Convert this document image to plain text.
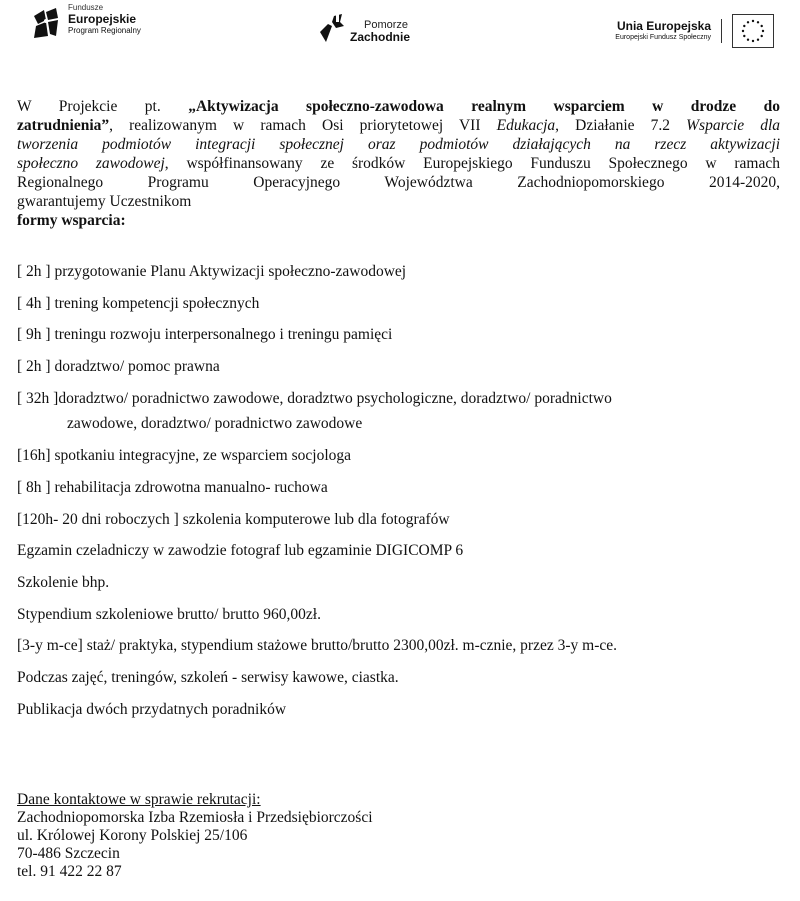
Fundusze
Europejskie
Program Regionalny	Pomorze
Zachodnie
Unia Europejska
Europejski Fundusz Społeczny
W Projekcie pt. „Aktywizacja społeczno-zawodowa realnym wsparciem w drodze do
zatrudnienia”, realizowanym w ramach Osi priorytetowej VII Edukacja, Działanie 7.2 Wsparcie dla
tworzenia podmiotów integracji społecznej oraz podmiotów działających na rzecz aktywizacji
społeczno zawodowej, współfinansowany ze środków Europejskiego Funduszu Społecznego w ramach
Regionalnego Programu Operacyjnego Województwa Zachodniopomorskiego 2014-2020,
gwarantujemy Uczestnikom
formy wsparcia:
[ 2h ] przygotowanie Planu Aktywizacji społeczno-zawodowej
[ 4h ] trening kompetencji społecznych
[ 9h ] treningu rozwoju interpersonalnego i treningu pamięci
[ 2h ] doradztwo/ pomoc prawna
[ 32h ]doradztwo/ poradnictwo zawodowe, doradztwo psychologiczne, doradztwo/ poradnictwo
zawodowe, doradztwo/ poradnictwo zawodowe
[16h] spotkaniu integracyjne, ze wsparciem socjologa
[ 8h ] rehabilitacja zdrowotna manualno- ruchowa
[120h- 20 dni roboczych ] szkolenia komputerowe lub dla fotografów
Egzamin czeladniczy w zawodzie fotograf lub egzaminie DIGICOMP 6
Szkolenie bhp.
Stypendium szkoleniowe brutto/ brutto 960,00zł.
[3-y m-ce] staż/ praktyka, stypendium stażowe brutto/brutto 2300,00zł. m-cznie, przez 3-y m-ce.
Podczas zajęć, treningów, szkoleń - serwisy kawowe, ciastka.
Publikacja dwóch przydatnych poradników
Dane kontaktowe w sprawie rekrutacji:
Zachodniopomorska Izba Rzemiosła i Przedsiębiorczości
ul. Królowej Korony Polskiej 25/106
70-486 Szczecin
tel. 91 422 22 87
